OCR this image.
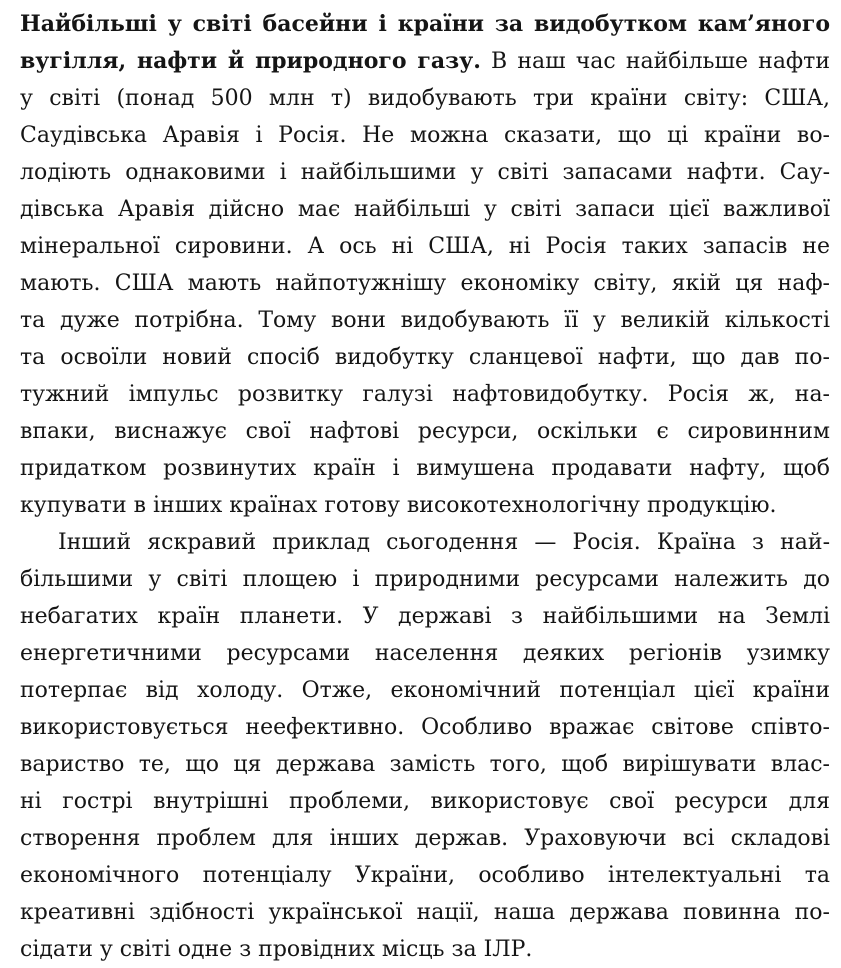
Найбільші у світі басейни і країни за видобутком кам’яного
вугілля, нафти й природного газу. В наш час найбільше нафти
у світі (понад 500 млн т) видобувають три країни світу: США,
Саудівська Аравія і Росія. Не можна сказати, що ці країни во-
лодіють однаковими і найбільшими у світі запасами нафти. Сау-
дівська Аравія дійсно має найбільші у світі запаси цієї важливої
мінеральної сировини. А ось ні США, ні Росія таких запасів не
мають. США мають найпотужнішу економіку світу, якій ця наф-
та дуже потрібна. Тому вони видобувають її у великій кількості
та освоїли новий спосіб видобутку сланцевої нафти, що дав по-
тужний імпульс розвитку галузі нафтовидобутку. Росія ж, на-
впаки, виснажує свої нафтові ресурси, оскільки є сировинним
придатком розвинутих країн і вимушена продавати нафту, щоб
купувати в інших країнах готову високотехнологічну продукцію.
Інший яскравий приклад сьогодення — Росія. Країна з най-
більшими у світі площею і природними ресурсами належить до
небагатих країн планети. У державі з найбільшими на Землі
енергетичними ресурсами населення деяких регіонів узимку
потерпає від холоду. Отже, економічний потенціал цієї країни
використовується неефективно. Особливо вражає світове співто-
вариство те, що ця держава замість того, щоб вирішувати влас-
ні гострі внутрішні проблеми, використовує свої ресурси для
створення проблем для інших держав. Ураховуючи всі складові
економічного потенціалу України, особливо інтелектуальні та
креативні здібності української нації, наша держава повинна по-
сідати у світі одне з провідних місць за ІЛР.
